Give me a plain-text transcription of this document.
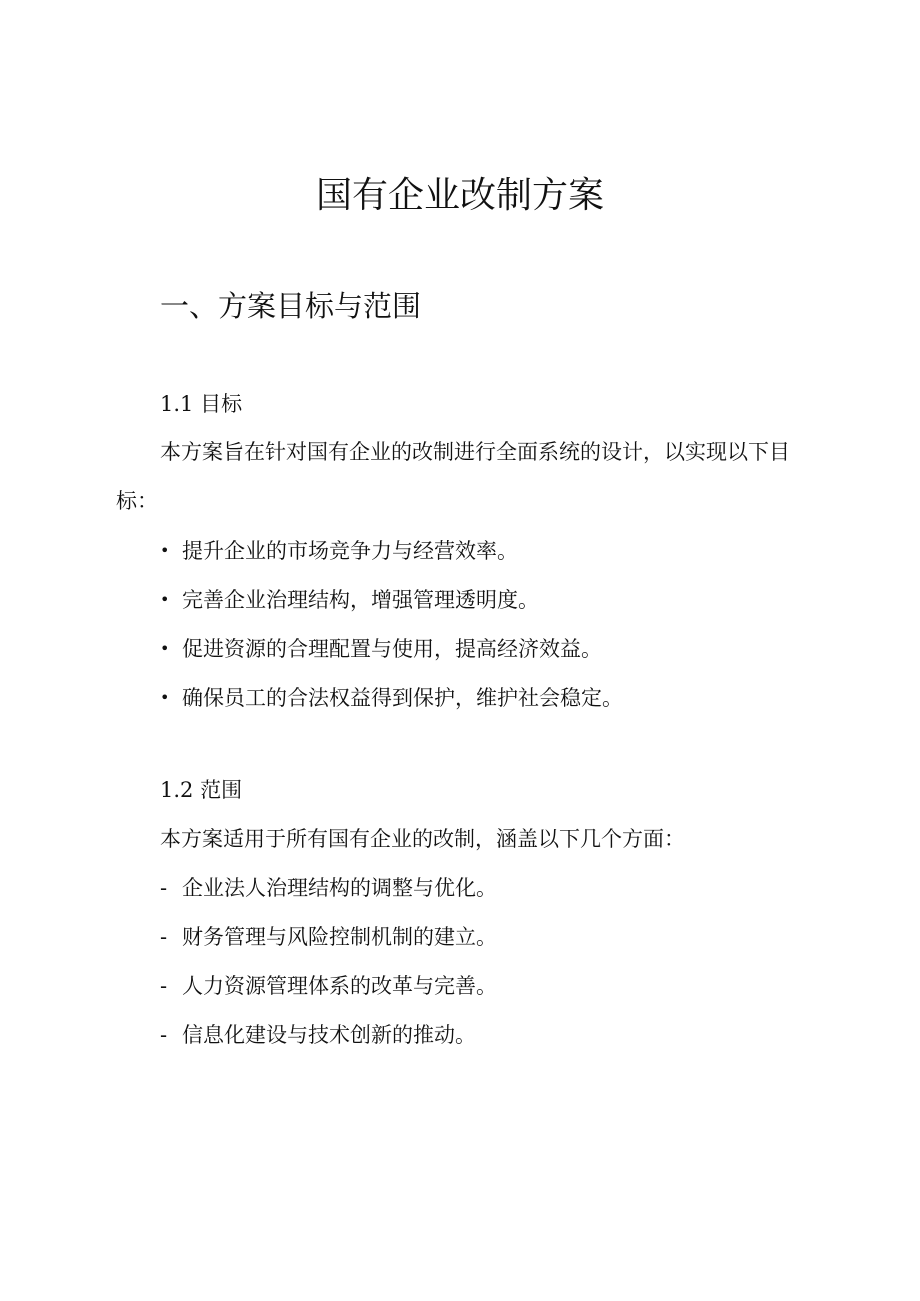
国有企业改制方案
一、方案目标与范围

1.1 目标

本方案旨在针对国有企业的改制进行全面系统的设计，以实现以下目标：

• 提升企业的市场竞争力与经营效率。
• 完善企业治理结构，增强管理透明度。
• 促进资源的合理配置与使用，提高经济效益。
• 确保员工的合法权益得到保护，维护社会稳定。

1.2 范围

本方案适用于所有国有企业的改制，涵盖以下几个方面：

- 企业法人治理结构的调整与优化。
- 财务管理与风险控制机制的建立。
- 人力资源管理体系的改革与完善。
- 信息化建设与技术创新的推动。
